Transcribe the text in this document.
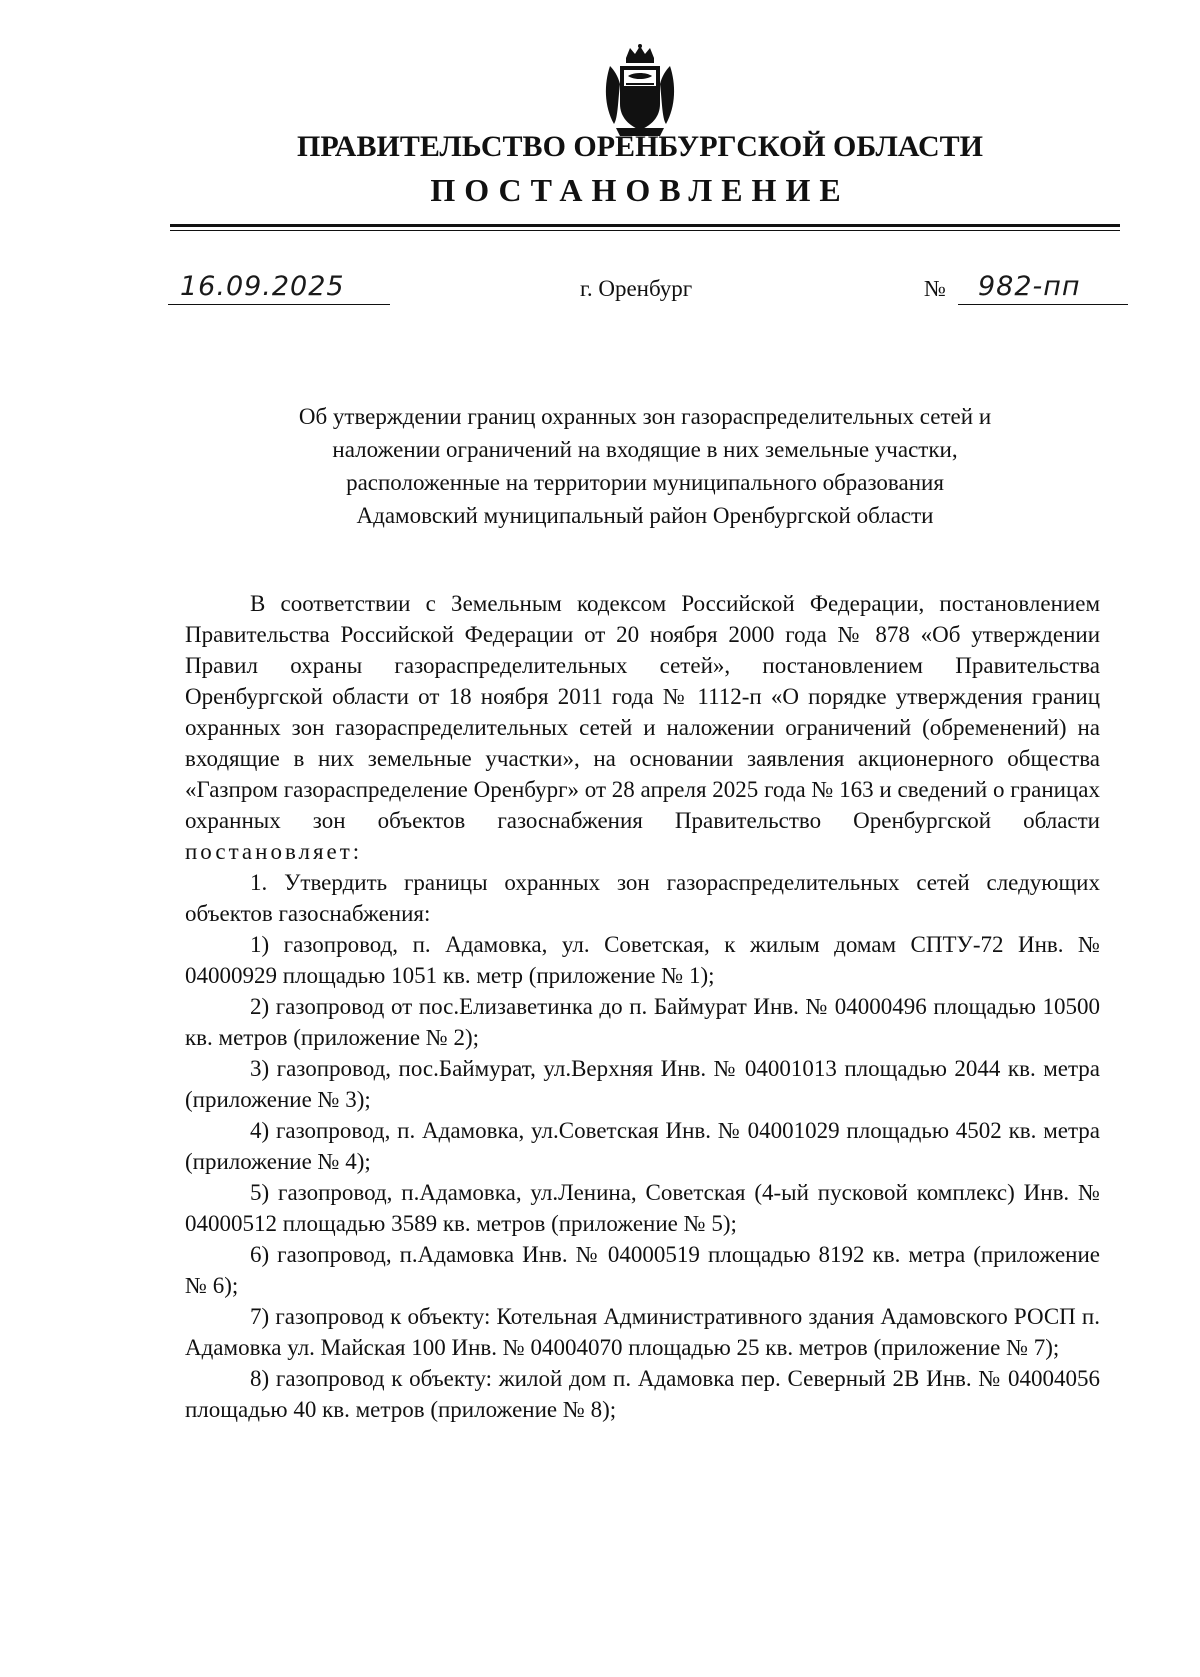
ПРАВИТЕЛЬСТВО ОРЕНБУРГСКОЙ ОБЛАСТИ
ПОСТАНОВЛЕНИЕ
16.09.2025	г. Оренбург	№ 982-пп
Об утверждении границ охранных зон газораспределительных сетей и
наложении ограничений на входящие в них земельные участки,
расположенные на территории муниципального образования
Адамовский муниципальный район Оренбургской области

В соответствии с Земельным кодексом Российской Федерации, постановлением Правительства Российской Федерации от 20 ноября 2000 года № 878 «Об утверждении Правил охраны газораспределительных сетей», постановлением Правительства Оренбургской области от 18 ноября 2011 года № 1112-п «О порядке утверждения границ охранных зон газораспределительных сетей и наложении ограничений (обременений) на входящие в них земельные участки», на основании заявления акционерного общества «Газпром газораспределение Оренбург» от 28 апреля 2025 года № 163 и сведений о границах охранных зон объектов газоснабжения Правительство Оренбургской области постановляет:

1. Утвердить границы охранных зон газораспределительных сетей следующих объектов газоснабжения:

1) газопровод, п. Адамовка, ул. Советская, к жилым домам СПТУ-72 Инв. № 04000929 площадью 1051 кв. метр (приложение № 1);

2) газопровод от пос.Елизаветинка до п. Баймурат Инв. № 04000496 площадью 10500 кв. метров (приложение № 2);

3) газопровод, пос.Баймурат, ул.Верхняя Инв. № 04001013 площадью 2044 кв. метра (приложение № 3);

4) газопровод, п. Адамовка, ул.Советская Инв. № 04001029 площадью 4502 кв. метра (приложение № 4);

5) газопровод, п.Адамовка, ул.Ленина, Советская (4-ый пусковой комплекс) Инв. № 04000512 площадью 3589 кв. метров (приложение № 5);

6) газопровод, п.Адамовка Инв. № 04000519 площадью 8192 кв. метра (приложение № 6);

7) газопровод к объекту: Котельная Административного здания Адамовского РОСП п. Адамовка ул. Майская 100 Инв. № 04004070 площадью 25 кв. метров (приложение № 7);

8) газопровод к объекту: жилой дом п. Адамовка пер. Северный 2В Инв. № 04004056 площадью 40 кв. метров (приложение № 8);
